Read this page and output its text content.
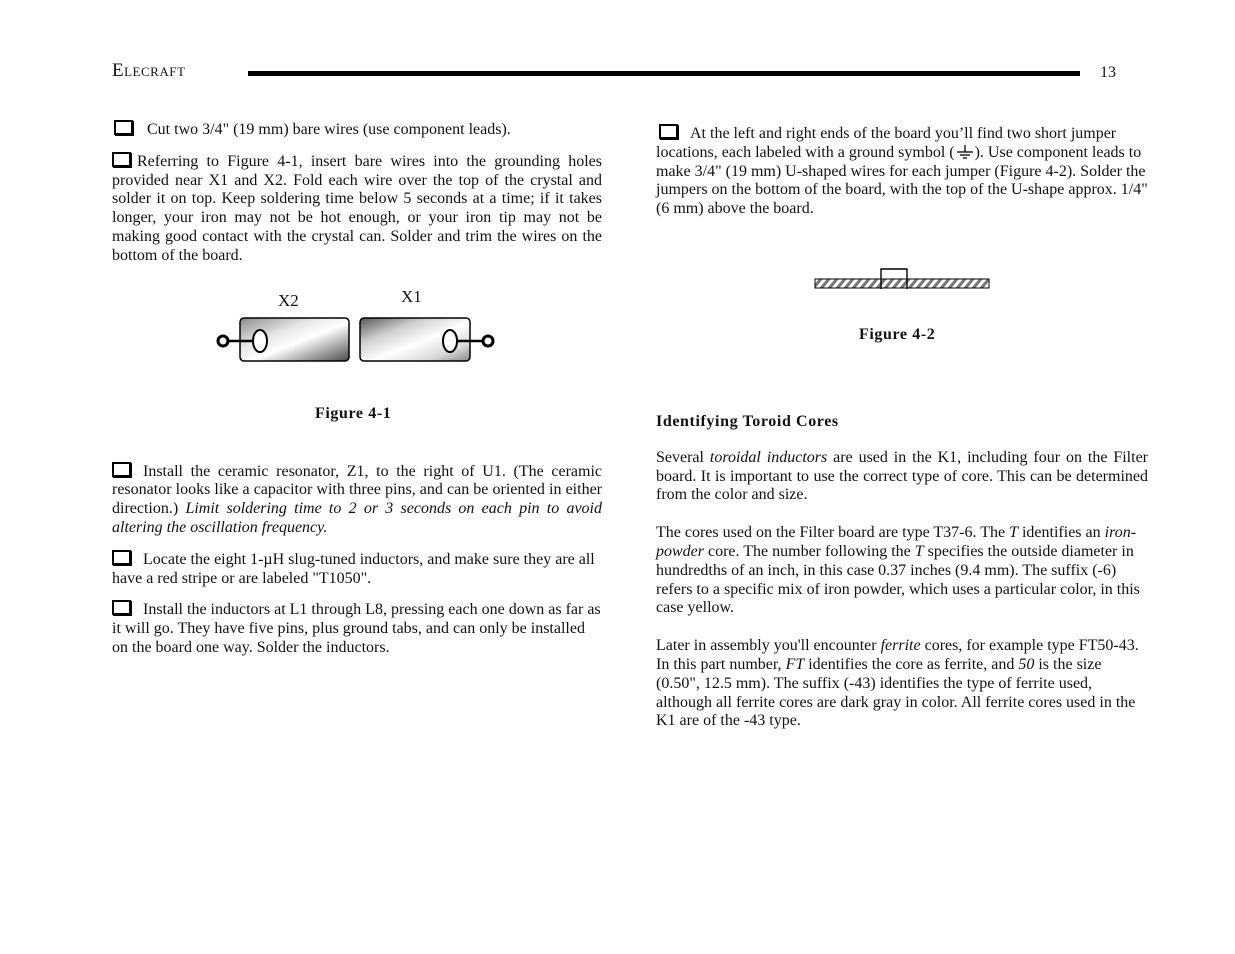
Elecraft	13

Cut two 3/4" (19 mm) bare wires (use component leads).

Referring to Figure 4-1, insert bare wires into the grounding holes provided near X1 and X2. Fold each wire over the top of the crystal and solder it on top. Keep soldering time below 5 seconds at a time; if it takes longer, your iron may not be hot enough, or your iron tip may not be making good contact with the crystal can. Solder and trim the wires on the bottom of the board.

X2	X1
Figure 4-1

Install the ceramic resonator, Z1, to the right of U1. (The ceramic resonator looks like a capacitor with three pins, and can be oriented in either direction.) Limit soldering time to 2 or 3 seconds on each pin to avoid altering the oscillation frequency.

Locate the eight 1-µH slug-tuned inductors, and make sure they are all have a red stripe or are labeled "T1050".

Install the inductors at L1 through L8, pressing each one down as far as it will go. They have five pins, plus ground tabs, and can only be installed on the board one way. Solder the inductors.

At the left and right ends of the board you’ll find two short jumper locations, each labeled with a ground symbol ( ). Use component leads to make 3/4" (19 mm) U-shaped wires for each jumper (Figure 4-2). Solder the jumpers on the bottom of the board, with the top of the U-shape approx. 1/4" (6 mm) above the board.

Figure 4-2
Identifying Toroid Cores

Several toroidal inductors are used in the K1, including four on the Filter board. It is important to use the correct type of core. This can be determined from the color and size.

The cores used on the Filter board are type T37-6. The T identifies an iron-powder core. The number following the T specifies the outside diameter in hundredths of an inch, in this case 0.37 inches (9.4 mm). The suffix (-6) refers to a specific mix of iron powder, which uses a particular color, in this case yellow.

Later in assembly you'll encounter ferrite cores, for example type FT50-43. In this part number, FT identifies the core as ferrite, and 50 is the size (0.50", 12.5 mm). The suffix (-43) identifies the type of ferrite used, although all ferrite cores are dark gray in color. All ferrite cores used in the K1 are of the -43 type.
